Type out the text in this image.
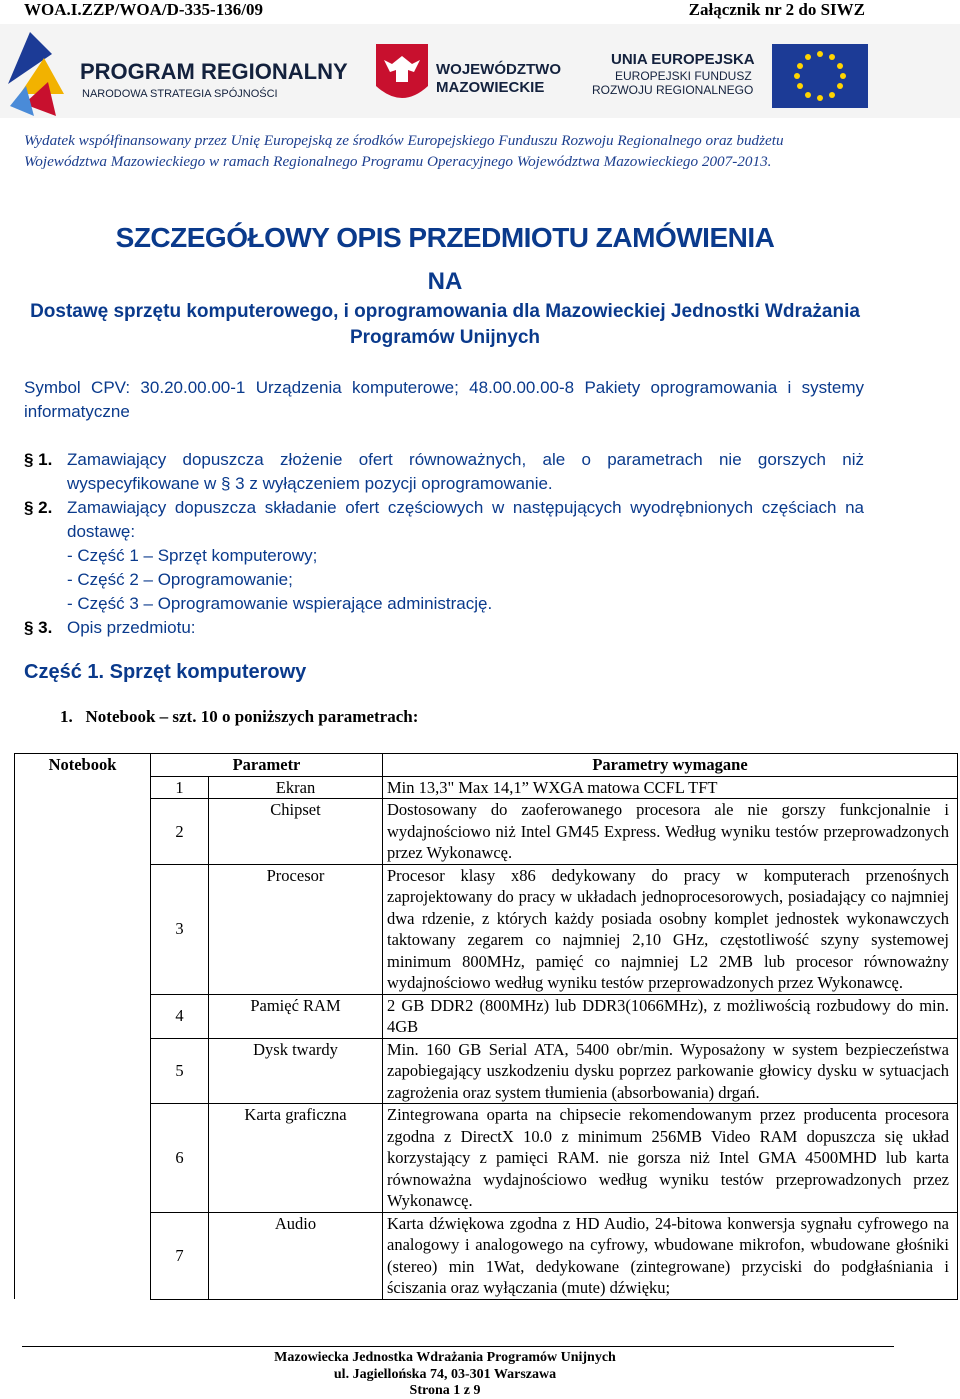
WOA.I.ZZP/WOA/D-335-136/09	Załącznik nr 2 do SIWZ
PROGRAM REGIONALNY
NARODOWA STRATEGIA SPÓJNOŚCI
WOJEWÓDZTWO
MAZOWIECKIE
UNIA EUROPEJSKA
EUROPEJSKI FUNDUSZ
ROZWOJU REGIONALNEGO
Wydatek współfinansowany przez Unię Europejską ze środków Europejskiego Funduszu Rozwoju Regionalnego oraz budżetu
Województwa Mazowieckiego w ramach Regionalnego Programu Operacyjnego Województwa Mazowieckiego 2007-2013.
SZCZEGÓŁOWY OPIS PRZEDMIOTU ZAMÓWIENIA
NA
Dostawę sprzętu komputerowego, i oprogramowania dla Mazowieckiej Jednostki Wdrażania
Programów Unijnych
Symbol CPV: 30.20.00.00-1 Urządzenia komputerowe; 48.00.00.00-8 Pakiety oprogramowania i systemy
informatyczne
§ 1. Zamawiający dopuszcza złożenie ofert równoważnych, ale o parametrach nie gorszych niż
wyspecyfikowane w § 3 z wyłączeniem pozycji oprogramowanie.
§ 2. Zamawiający dopuszcza składanie ofert częściowych w następujących wyodrębnionych częściach na
dostawę:
- Część 1 – Sprzęt komputerowy;
- Część 2 – Oprogramowanie;
- Część 3 – Oprogramowanie wspierające administrację.
§ 3. Opis przedmiotu:
Część 1. Sprzęt komputerowy
1.   Notebook – szt. 10 o poniższych parametrach:
Notebook	Parametr		Parametry wymagane
	1	Ekran	Min 13,3" Max 14,1” WXGA matowa CCFL TFT
	2	Chipset	Dostosowany do zaoferowanego procesora ale nie gorszy funkcjonalnie i wydajnościowo niż Intel GM45 Express. Według wyniku testów przeprowadzonych przez Wykonawcę.
	3	Procesor	Procesor klasy x86 dedykowany do pracy w komputerach przenośnych zaprojektowany do pracy w układach jednoprocesorowych, posiadający co najmniej dwa rdzenie, z których każdy posiada osobny komplet jednostek wykonawczych taktowany zegarem co najmniej 2,10 GHz, częstotliwość szyny systemowej minimum 800MHz, pamięć co najmniej L2 2MB lub procesor równoważny wydajnościowo według wyniku testów przeprowadzonych przez Wykonawcę.
	4	Pamięć RAM	2 GB DDR2 (800MHz) lub DDR3(1066MHz), z możliwością rozbudowy do min. 4GB
	5	Dysk twardy	Min. 160 GB Serial ATA, 5400 obr/min. Wyposażony w system bezpieczeństwa zapobiegający uszkodzeniu dysku poprzez parkowanie głowicy dysku w sytuacjach zagrożenia oraz system tłumienia (absorbowania) drgań.
	6	Karta graficzna	Zintegrowana oparta na chipsecie rekomendowanym przez producenta procesora zgodna z DirectX 10.0 z minimum 256MB Video RAM dopuszcza się układ korzystający z pamięci RAM. nie gorsza niż Intel GMA 4500MHD lub karta równoważna wydajnościowo według wyniku testów przeprowadzonych przez Wykonawcę.
	7	Audio	Karta dźwiękowa zgodna z HD Audio, 24-bitowa konwersja sygnału cyfrowego na analogowy i analogowego na cyfrowy, wbudowane mikrofon, wbudowane głośniki (stereo) min 1Wat, dedykowane (zintegrowane) przyciski do podgłaśniania i ściszania oraz wyłączania (mute) dźwięku;
Mazowiecka Jednostka Wdrażania Programów Unijnych
ul. Jagiellońska 74, 03-301 Warszawa
Strona 1 z 9
